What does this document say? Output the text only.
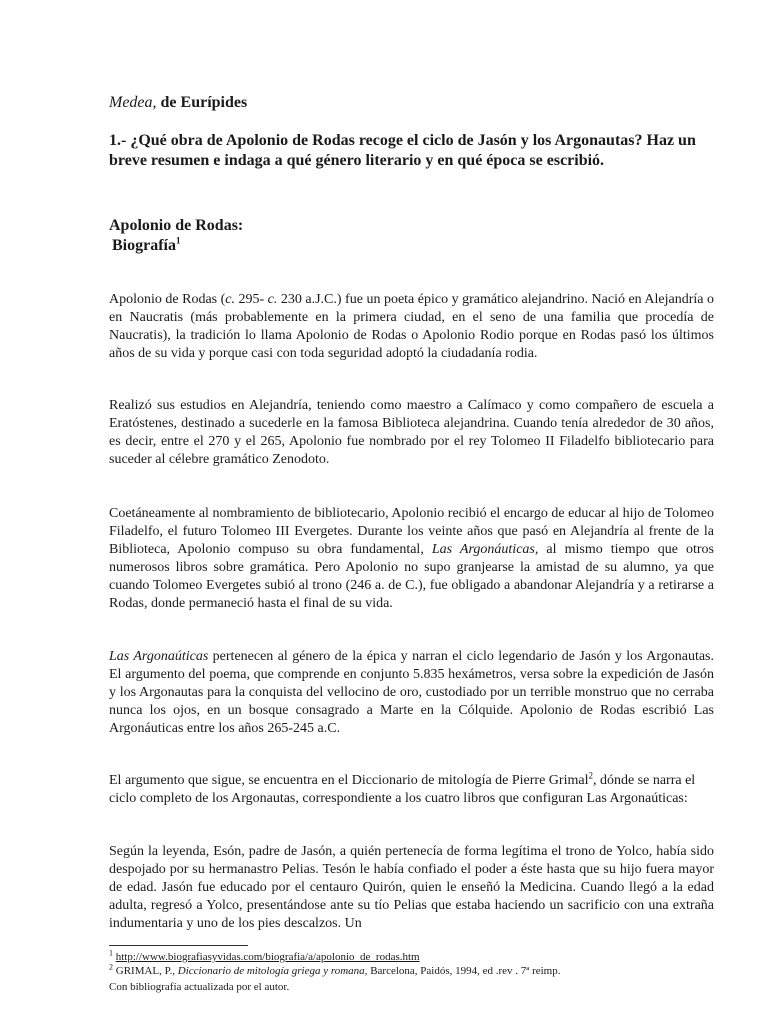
Medea, de Eurípides

1.- ¿Qué obra de Apolonio de Rodas recoge el ciclo de Jasón y los Argonautas? Haz un breve resumen e indaga a qué género literario y en qué época se escribió.

Apolonio de Rodas:

Biografía$^1$

Apolonio de Rodas (c. 295- c. 230 a.J.C.) fue un poeta épico y gramático alejandrino. Nació en Alejandría o en Naucratis (más probablemente en la primera ciudad, en el seno de una familia que procedía de Naucratis), la tradición lo llama Apolonio de Rodas o Apolonio Rodio porque en Rodas pasó los últimos años de su vida y porque casi con toda seguridad adoptó la ciudadanía rodia.

Realizó sus estudios en Alejandría, teniendo como maestro a Calímaco y como compañero de escuela a Eratóstenes, destinado a sucederle en la famosa Biblioteca alejandrina. Cuando tenía alrededor de 30 años, es decir, entre el 270 y el 265, Apolonio fue nombrado por el rey Tolomeo II Filadelfo bibliotecario para suceder al célebre gramático Zenodoto.

Coetáneamente al nombramiento de bibliotecario, Apolonio recibió el encargo de educar al hijo de Tolomeo Filadelfo, el futuro Tolomeo III Evergetes. Durante los veinte años que pasó en Alejandría al frente de la Biblioteca, Apolonio compuso su obra fundamental, Las Argonáuticas, al mismo tiempo que otros numerosos libros sobre gramática. Pero Apolonio no supo granjearse la amistad de su alumno, ya que cuando Tolomeo Evergetes subió al trono (246 a. de C.), fue obligado a abandonar Alejandría y a retirarse a Rodas, donde permaneció hasta el final de su vida.

Las Argonaúticas pertenecen al género de la épica y narran el ciclo legendario de Jasón y los Argonautas. El argumento del poema, que comprende en conjunto 5.835 hexámetros, versa sobre la expedición de Jasón y los Argonautas para la conquista del vellocino de oro, custodiado por un terrible monstruo que no cerraba nunca los ojos, en un bosque consagrado a Marte en la Cólquide. Apolonio de Rodas escribió Las Argonáuticas entre los años 265-245 a.C.

El argumento que sigue, se encuentra en el Diccionario de mitología de Pierre Grimal$^2$, dónde se narra el ciclo completo de los Argonautas, correspondiente a los cuatro libros que configuran Las Argonaúticas:

Según la leyenda, Esón, padre de Jasón, a quién pertenecía de forma legítima el trono de Yolco, había sido despojado por su hermanastro Pelias. Tesón le había confiado el poder a éste hasta que su hijo fuera mayor de edad. Jasón fue educado por el centauro Quirón, quien le enseñó la Medicina. Cuando llegó a la edad adulta, regresó a Yolco, presentándose ante su tío Pelias que estaba haciendo un sacrificio con una extraña indumentaria y uno de los pies descalzos. Un

$^1$ http://www.biografiasyvidas.com/biografia/a/apolonio_de_rodas.htm

$^2$ GRIMAL, P., Diccionario de mitología griega y romana, Barcelona, Paidós, 1994, ed .rev . 7ª reimp.

Con bibliografía actualizada por el autor.
